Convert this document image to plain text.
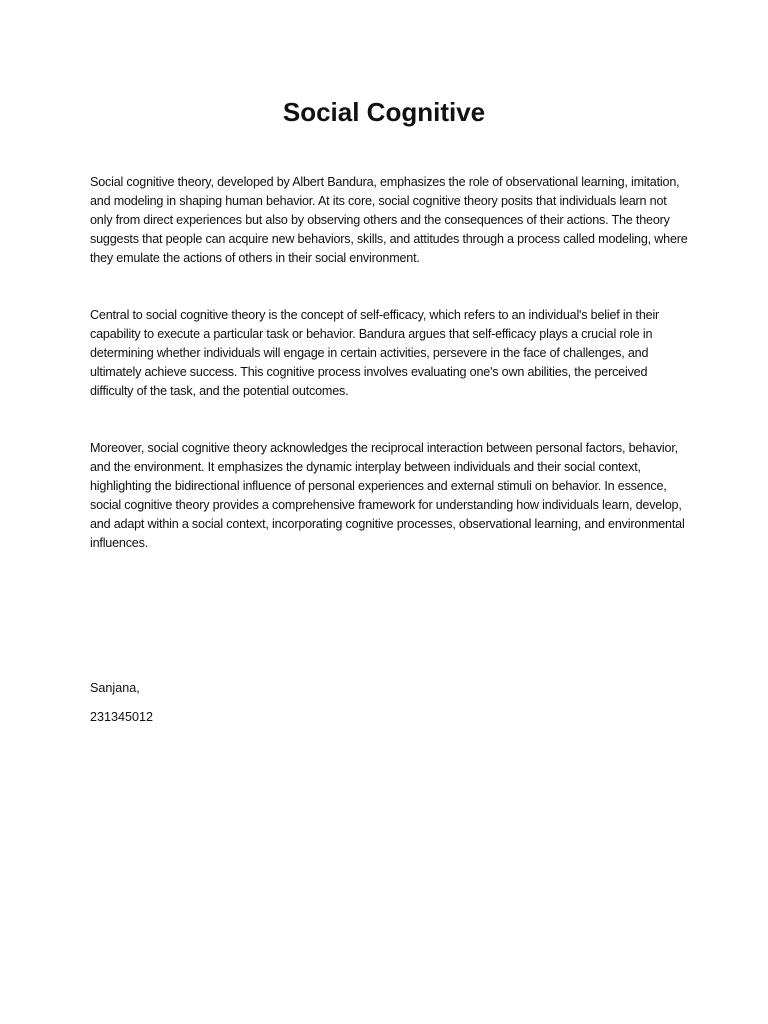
Social Cognitive

Social cognitive theory, developed by Albert Bandura, emphasizes the role of observational learning, imitation, and modeling in shaping human behavior. At its core, social cognitive theory posits that individuals learn not only from direct experiences but also by observing others and the consequences of their actions. The theory suggests that people can acquire new behaviors, skills, and attitudes through a process called modeling, where they emulate the actions of others in their social environment.

Central to social cognitive theory is the concept of self-efficacy, which refers to an individual's belief in their capability to execute a particular task or behavior. Bandura argues that self-efficacy plays a crucial role in determining whether individuals will engage in certain activities, persevere in the face of challenges, and ultimately achieve success. This cognitive process involves evaluating one's own abilities, the perceived difficulty of the task, and the potential outcomes.

Moreover, social cognitive theory acknowledges the reciprocal interaction between personal factors, behavior, and the environment. It emphasizes the dynamic interplay between individuals and their social context, highlighting the bidirectional influence of personal experiences and external stimuli on behavior. In essence, social cognitive theory provides a comprehensive framework for understanding how individuals learn, develop, and adapt within a social context, incorporating cognitive processes, observational learning, and environmental influences.

Sanjana,

231345012
